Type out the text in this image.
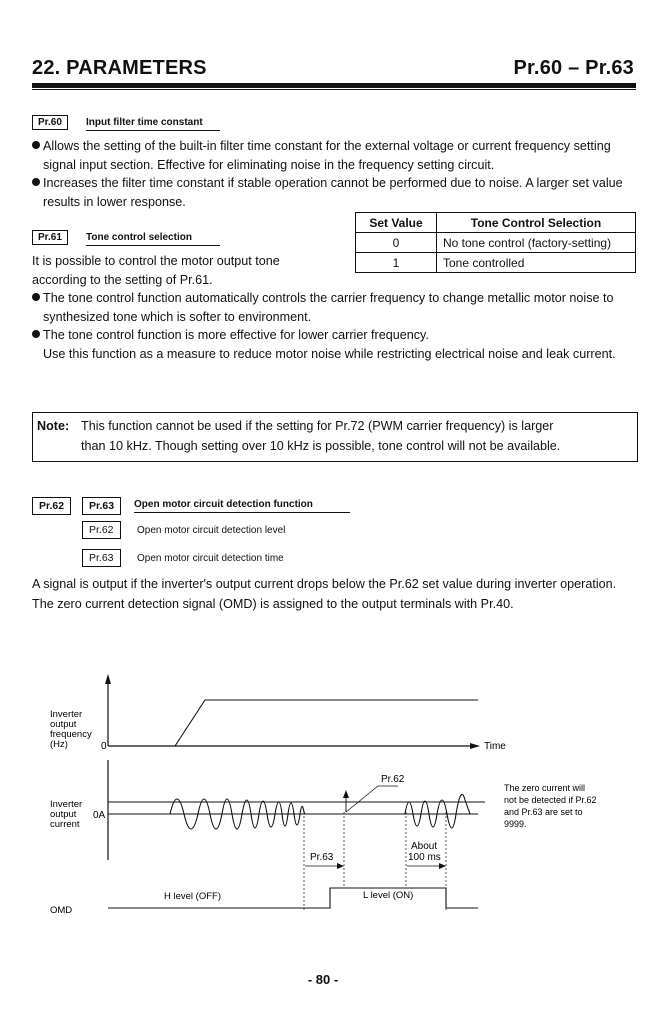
22. PARAMETERS	Pr.60 – Pr.63
Pr.60	Input filter time constant
Allows the setting of the built-in filter time constant for the external voltage or current frequency setting signal input section. Effective for eliminating noise in the frequency setting circuit.
Increases the filter time constant if stable operation cannot be performed due to noise. A larger set value results in lower response.
Pr.61	Tone control selection
It is possible to control the motor output tone according to the setting of Pr.61.
Set Value	Tone Control Selection
0	No tone control (factory-setting)
1	Tone controlled
The tone control function automatically controls the carrier frequency to change metallic motor noise to synthesized tone which is softer to environment.
The tone control function is more effective for lower carrier frequency.
Use this function as a measure to reduce motor noise while restricting electrical noise and leak current.
Note: This function cannot be used if the setting for Pr.72 (PWM carrier frequency) is larger
than 10 kHz. Though setting over 10 kHz is possible, tone control will not be available.
Pr.62	Pr.63	Open motor circuit detection function
Pr.62	Open motor circuit detection level
Pr.63	Open motor circuit detection time
A signal is output if the inverter's output current drops below the Pr.62 set value during inverter operation. The zero current detection signal (OMD) is assigned to the output terminals with Pr.40.
Inverter output frequency (Hz)	0	Time
Inverter output current
0A
Pr.62
Pr.63
About
100 ms
H level (OFF)	L level (ON)
OMD
The zero current will not be detected if Pr.62 and Pr.63 are set to 9999.
- 80 -
